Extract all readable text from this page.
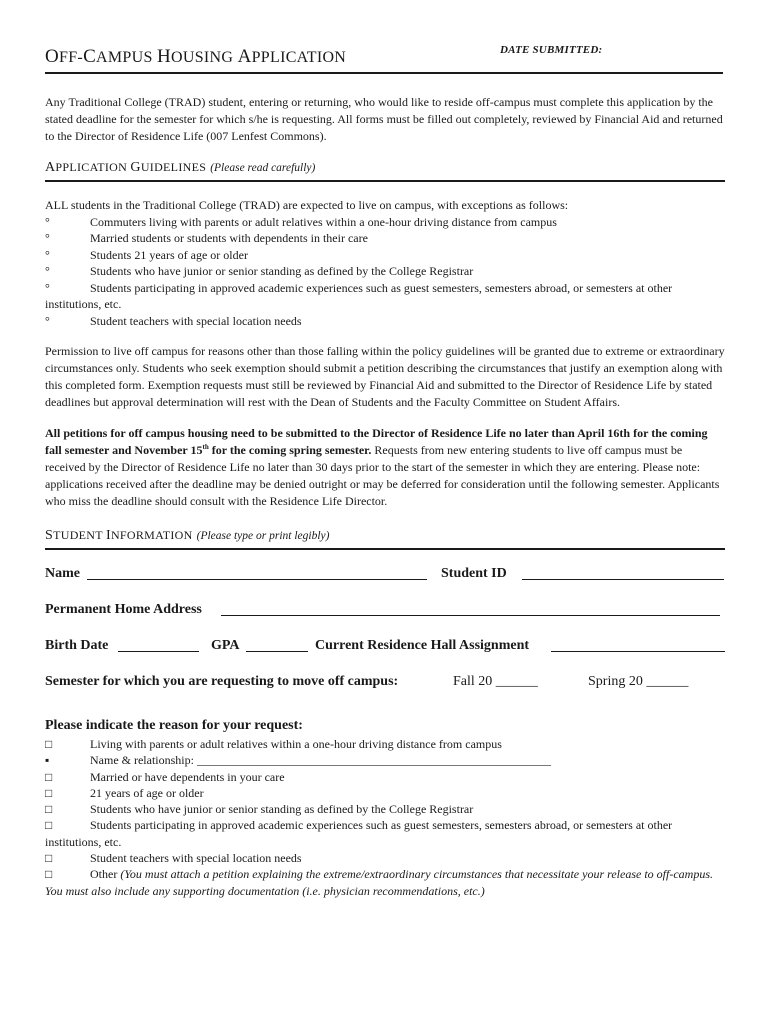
OFF-CAMPUS HOUSING APPLICATION	DATE SUBMITTED:

Any Traditional College (TRAD) student, entering or returning, who would like to reside off-campus must complete this application by the stated deadline for the semester for which s/he is requesting. All forms must be filled out completely, reviewed by Financial Aid and returned to the Director of Residence Life (007 Lenfest Commons).

APPLICATION GUIDELINES (Please read carefully)

ALL students in the Traditional College (TRAD) are expected to live on campus, with exceptions as follows:

°	Commuters living with parents or adult relatives within a one-hour driving distance from campus
°	Married students or students with dependents in their care
°	Students 21 years of age or older
°	Students who have junior or senior standing as defined by the College Registrar
°	Students participating in approved academic experiences such as guest semesters, semesters abroad, or semesters at other institutions, etc.
°	Student teachers with special location needs

Permission to live off campus for reasons other than those falling within the policy guidelines will be granted due to extreme or extraordinary circumstances only. Students who seek exemption should submit a petition describing the circumstances that justify an exemption along with this completed form. Exemption requests must still be reviewed by Financial Aid and submitted to the Director of Residence Life by stated deadlines but approval determination will rest with the Dean of Students and the Faculty Committee on Student Affairs.

All petitions for off campus housing need to be submitted to the Director of Residence Life no later than April 16th for the coming fall semester and November 15th for the coming spring semester. Requests from new entering students to live off campus must be received by the Director of Residence Life no later than 30 days prior to the start of the semester in which they are entering. Please note: applications received after the deadline may be denied outright or may be deferred for consideration until the following semester. Applicants who miss the deadline should consult with the Residence Life Director.

STUDENT INFORMATION (Please type or print legibly)
Name	Student ID
Permanent Home Address
Birth Date	GPA	Current Residence Hall Assignment
Semester for which you are requesting to move off campus:	Fall 20 ______	Spring 20 ______
Please indicate the reason for your request:
□	Living with parents or adult relatives within a one-hour driving distance from campus
▪	Name & relationship: ___________________________________________________________
□	Married or have dependents in your care
□	21 years of age or older
□	Students who have junior or senior standing as defined by the College Registrar
□	Students participating in approved academic experiences such as guest semesters, semesters abroad, or semesters at other institutions, etc.
□	Student teachers with special location needs
□	Other (You must attach a petition explaining the extreme/extraordinary circumstances that necessitate your release to off-campus. You must also include any supporting documentation (i.e. physician recommendations, etc.)
